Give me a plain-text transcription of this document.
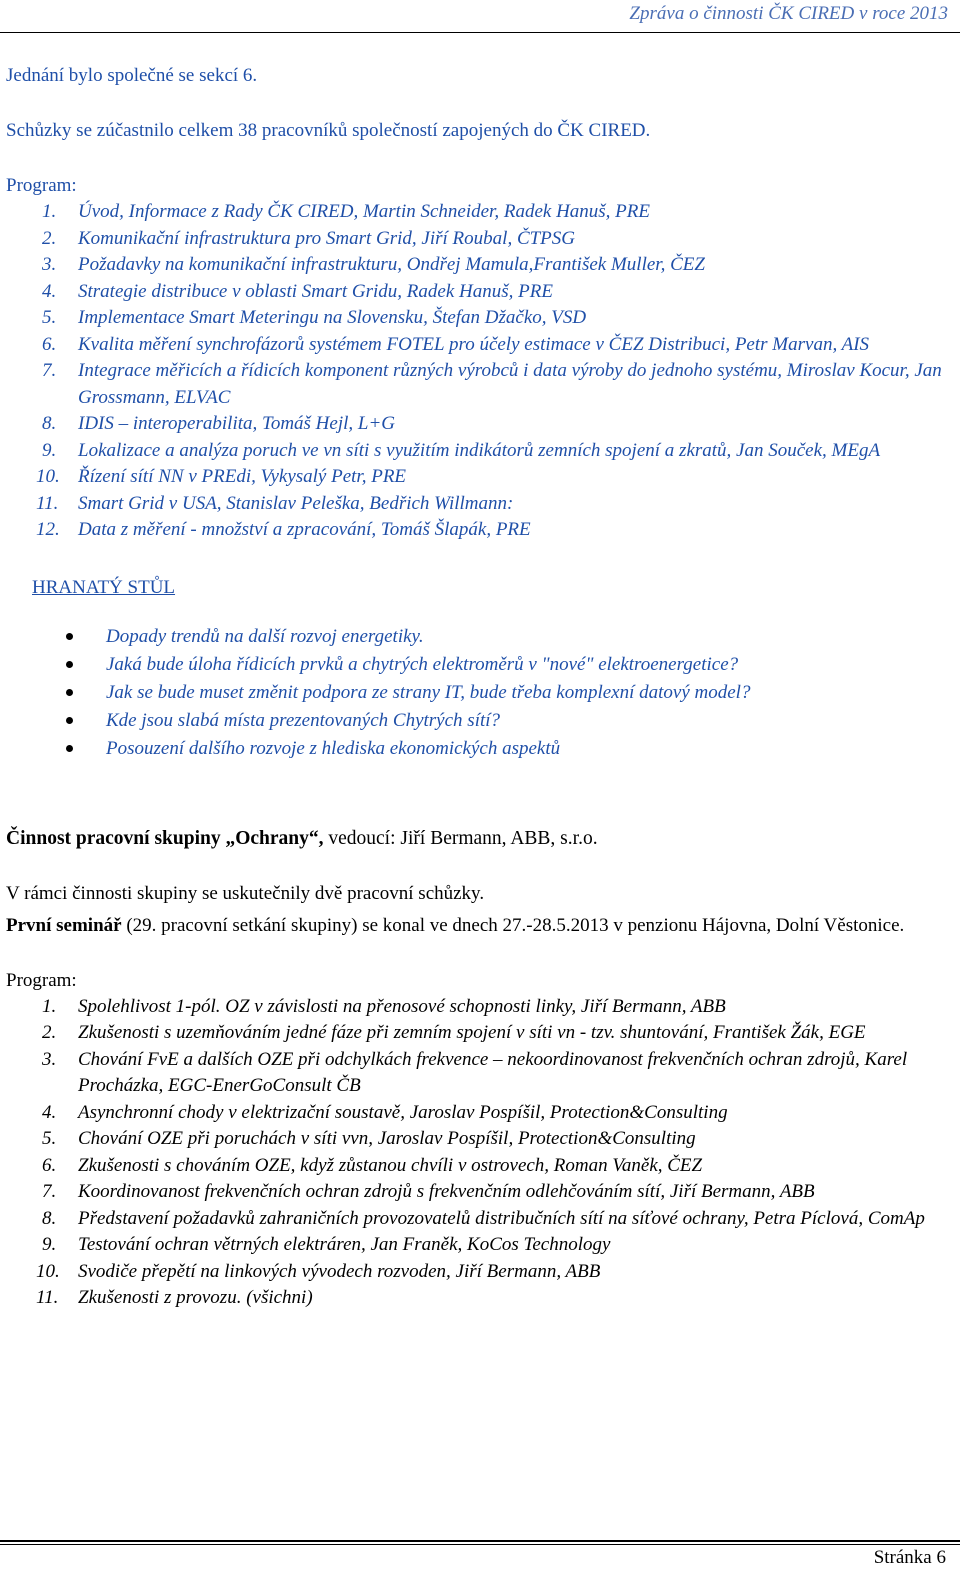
Zpráva o činnosti ČK CIRED v roce 2013

Jednání bylo společné se sekcí 6.

Schůzky se zúčastnilo celkem 38 pracovníků společností zapojených do ČK CIRED.

Program:

1. Úvod, Informace z Rady ČK CIRED, Martin Schneider, Radek Hanuš, PRE
2. Komunikační infrastruktura pro Smart Grid, Jiří Roubal, ČTPSG
3. Požadavky na komunikační infrastrukturu, Ondřej Mamula,František Muller, ČEZ
4. Strategie distribuce v oblasti Smart Gridu, Radek Hanuš, PRE
5. Implementace Smart Meteringu na Slovensku, Štefan Džačko, VSD
6. Kvalita měření synchrofázorů systémem FOTEL pro účely estimace v ČEZ Distribuci, Petr Marvan, AIS
7. Integrace měřicích a řídicích komponent různých výrobců i data výroby do jednoho systému, Miroslav Kocur, Jan Grossmann, ELVAC
8. IDIS – interoperabilita, Tomáš Hejl, L+G
9. Lokalizace a analýza poruch ve vn síti s využitím indikátorů zemních spojení a zkratů, Jan Souček, MEgA
10. Řízení sítí NN v PREdi, Vykysalý Petr, PRE
11. Smart Grid v USA, Stanislav Peleška, Bedřich Willmann:
12. Data z měření - množství a zpracování, Tomáš Šlapák, PRE
HRANATÝ STŮL
Dopady trendů na další rozvoj energetiky.
Jaká bude úloha řídicích prvků a chytrých elektroměrů v "nové" elektroenergetice?
Jak se bude muset změnit podpora ze strany IT, bude třeba komplexní datový model?
Kde jsou slabá místa prezentovaných Chytrých sítí?
Posouzení dalšího rozvoje z hlediska ekonomických aspektů

Činnost pracovní skupiny „Ochrany“, vedoucí: Jiří Bermann, ABB, s.r.o.

V rámci činnosti skupiny se uskutečnily dvě pracovní schůzky.

První seminář (29. pracovní setkání skupiny) se konal ve dnech 27.-28.5.2013 v penzionu Hájovna, Dolní Věstonice.

Program:

1. Spolehlivost 1-pól. OZ v závislosti na přenosové schopnosti linky, Jiří Bermann, ABB
2. Zkušenosti s uzemňováním jedné fáze při zemním spojení v síti vn - tzv. shuntování, František Žák, EGE
3. Chování FvE a dalších OZE při odchylkách frekvence – nekoordinovanost frekvenčních ochran zdrojů, Karel Procházka, EGC-EnerGoConsult ČB
4. Asynchronní chody v elektrizační soustavě, Jaroslav Pospíšil, Protection&Consulting
5. Chování OZE při poruchách v síti vvn, Jaroslav Pospíšil, Protection&Consulting
6. Zkušenosti s chováním OZE, když zůstanou chvíli v ostrovech, Roman Vaněk, ČEZ
7. Koordinovanost frekvenčních ochran zdrojů s frekvenčním odlehčováním sítí, Jiří Bermann, ABB
8. Představení požadavků zahraničních provozovatelů distribučních sítí na síťové ochrany, Petra Píclová, ComAp
9. Testování ochran větrných elektráren, Jan Franěk, KoCos Technology
10. Svodiče přepětí na linkových vývodech rozvoden, Jiří Bermann, ABB
11. Zkušenosti z provozu. (všichni)
Stránka 6
